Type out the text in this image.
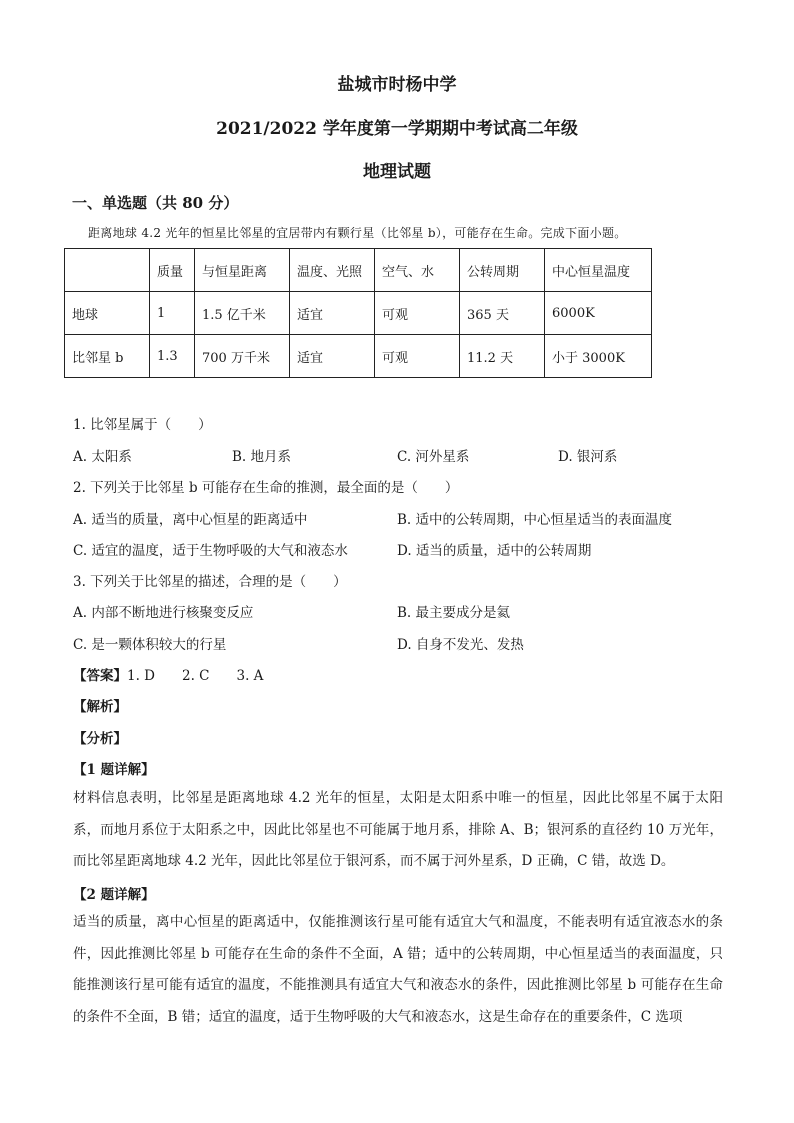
盐城市时杨中学
2021/2022 学年度第一学期期中考试高二年级
地理试题
一、单选题（共 80 分）
距离地球 4.2 光年的恒星比邻星的宜居带内有颗行星（比邻星 b），可能存在生命。完成下面小题。
	质量	与恒星距离	温度、光照	空气、水	公转周期	中心恒星温度
地球	1	1.5 亿千米	适宜	可观	365 天	6000K
比邻星 b	1.3	700 万千米	适宜	可观	11.2 天	小于 3000K
1. 比邻星属于（　　）
A. 太阳系	B. 地月系	C. 河外星系	D. 银河系
2. 下列关于比邻星 b 可能存在生命的推测，最全面的是（　　）
A. 适当的质量，离中心恒星的距离适中	B. 适中的公转周期，中心恒星适当的表面温度
C. 适宜的温度，适于生物呼吸的大气和液态水	D. 适当的质量，适中的公转周期
3. 下列关于比邻星的描述，合理的是（　　）
A. 内部不断地进行核聚变反应	B. 最主要成分是氦
C. 是一颗体积较大的行星	D. 自身不发光、发热
【答案】1. D　　2. C　　3. A
【解析】
【分析】
【1 题详解】
材料信息表明，比邻星是距离地球 4.2 光年的恒星，太阳是太阳系中唯一的恒星，因此比邻星不属于太阳系，而地月系位于太阳系之中，因此比邻星也不可能属于地月系，排除 A、B；银河系的直径约 10 万光年，而比邻星距离地球 4.2 光年，因此比邻星位于银河系，而不属于河外星系，D 正确，C 错，故选 D。
【2 题详解】
适当的质量，离中心恒星的距离适中，仅能推测该行星可能有适宜大气和温度，不能表明有适宜液态水的条件，因此推测比邻星 b 可能存在生命的条件不全面，A 错；适中的公转周期，中心恒星适当的表面温度，只能推测该行星可能有适宜的温度，不能推测具有适宜大气和液态水的条件，因此推测比邻星 b 可能存在生命的条件不全面，B 错；适宜的温度，适于生物呼吸的大气和液态水，这是生命存在的重要条件，C 选项
